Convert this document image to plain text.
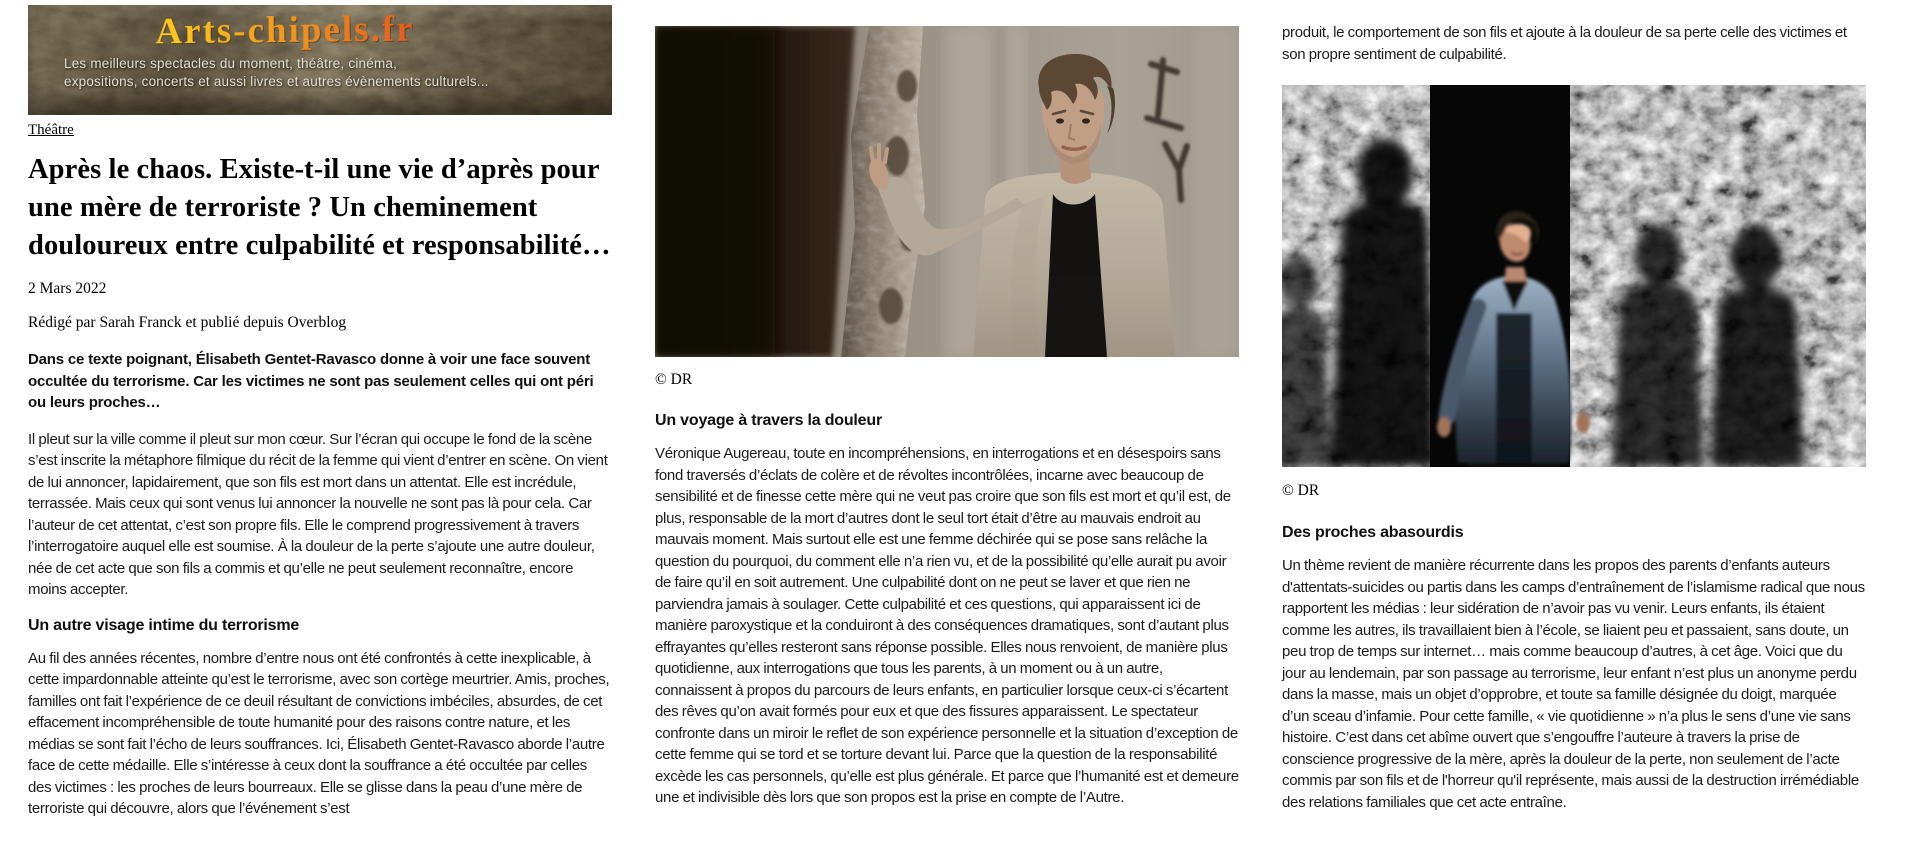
Arts-chipels.fr
Les meilleurs spectacles du moment, théâtre, cinéma,
expositions, concerts et aussi livres et autres évènements culturels...
Théâtre
Après le chaos. Existe-t-il une vie d’après pour une mère de terroriste ? Un cheminement douloureux entre culpabilité et responsabilité…
2 Mars 2022
Rédigé par Sarah Franck et publié depuis Overblog

Dans ce texte poignant, Élisabeth Gentet-Ravasco donne à voir une face souvent occultée du terrorisme. Car les victimes ne sont pas seulement celles qui ont péri ou leurs proches…

Il pleut sur la ville comme il pleut sur mon cœur. Sur l’écran qui occupe le fond de la scène s’est inscrite la métaphore filmique du récit de la femme qui vient d’entrer en scène. On vient de lui annoncer, lapidairement, que son fils est mort dans un attentat. Elle est incrédule, terrassée. Mais ceux qui sont venus lui annoncer la nouvelle ne sont pas là pour cela. Car l’auteur de cet attentat, c’est son propre fils. Elle le comprend progressivement à travers l’interrogatoire auquel elle est soumise. À la douleur de la perte s’ajoute une autre douleur, née de cet acte que son fils a commis et qu’elle ne peut seulement reconnaître, encore moins accepter.

Un autre visage intime du terrorisme

Au fil des années récentes, nombre d’entre nous ont été confrontés à cette inexplicable, à cette impardonnable atteinte qu’est le terrorisme, avec son cortège meurtrier. Amis, proches, familles ont fait l’expérience de ce deuil résultant de convictions imbéciles, absurdes, de cet effacement incompréhensible de toute humanité pour des raisons contre nature, et les médias se sont fait l’écho de leurs souffrances. Ici, Élisabeth Gentet-Ravasco aborde l’autre face de cette médaille. Elle s’intéresse à ceux dont la souffrance a été occultée par celles des victimes : les proches de leurs bourreaux. Elle se glisse dans la peau d’une mère de terroriste qui découvre, alors que l’événement s’est

© DR
Un voyage à travers la douleur

Véronique Augereau, toute en incompréhensions, en interrogations et en désespoirs sans fond traversés d’éclats de colère et de révoltes incontrôlées, incarne avec beaucoup de sensibilité et de finesse cette mère qui ne veut pas croire que son fils est mort et qu’il est, de plus, responsable de la mort d’autres dont le seul tort était d’être au mauvais endroit au mauvais moment. Mais surtout elle est une femme déchirée qui se pose sans relâche la question du pourquoi, du comment elle n’a rien vu, et de la possibilité qu’elle aurait pu avoir de faire qu’il en soit autrement. Une culpabilité dont on ne peut se laver et que rien ne parviendra jamais à soulager. Cette culpabilité et ces questions, qui apparaissent ici de manière paroxystique et la conduiront à des conséquences dramatiques, sont d’autant plus effrayantes qu’elles resteront sans réponse possible. Elles nous renvoient, de manière plus quotidienne, aux interrogations que tous les parents, à un moment ou à un autre, connaissent à propos du parcours de leurs enfants, en particulier lorsque ceux-ci s’écartent des rêves qu’on avait formés pour eux et que des fissures apparaissent. Le spectateur confronte dans un miroir le reflet de son expérience personnelle et la situation d’exception de cette femme qui se tord et se torture devant lui. Parce que la question de la responsabilité excède les cas personnels, qu’elle est plus générale. Et parce que l’humanité est et demeure une et indivisible dès lors que son propos est la prise en compte de l’Autre.

produit, le comportement de son fils et ajoute à la douleur de sa perte celle des victimes et son propre sentiment de culpabilité.

© DR
Des proches abasourdis

Un thème revient de manière récurrente dans les propos des parents d’enfants auteurs d'attentats-suicides ou partis dans les camps d’entraînement de l’islamisme radical que nous rapportent les médias : leur sidération de n’avoir pas vu venir. Leurs enfants, ils étaient comme les autres, ils travaillaient bien à l’école, se liaient peu et passaient, sans doute, un peu trop de temps sur internet… mais comme beaucoup d’autres, à cet âge. Voici que du jour au lendemain, par son passage au terrorisme, leur enfant n’est plus un anonyme perdu dans la masse, mais un objet d’opprobre, et toute sa famille désignée du doigt, marquée d’un sceau d’infamie. Pour cette famille, « vie quotidienne » n’a plus le sens d’une vie sans histoire. C’est dans cet abîme ouvert que s’engouffre l’auteure à travers la prise de conscience progressive de la mère, après la douleur de la perte, non seulement de l’acte commis par son fils et de l'horreur qu'il représente, mais aussi de la destruction irrémédiable des relations familiales que cet acte entraîne.
